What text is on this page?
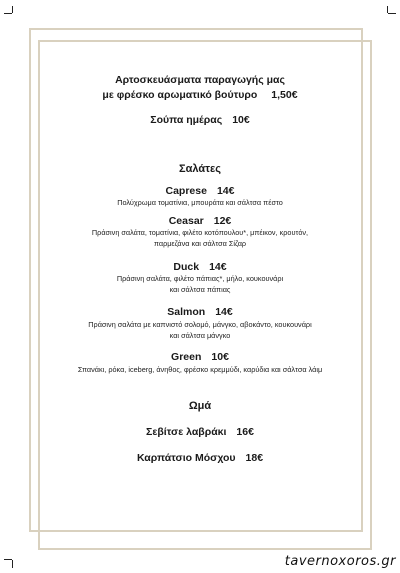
Αρτοσκευάσματα παραγωγής μας
με φρέσκο αρωματικό βούτυρο 1,50€
Σούπα ημέρας 10€
Σαλάτες
Caprese 14€
Πολύχρωμα τοματίνια, μπουράτα και σάλτσα πέστο
Ceasar 12€
Πράσινη σαλάτα, τοματίνια, φιλέτο κοτόπουλου*, μπέικον, κρουτόν,
παρμεζάνα και σάλτσα Σίζαρ
Duck 14€
Πράσινη σαλάτα, φιλέτο πάπιας*, μήλο, κουκουνάρι
και σάλτσα πάπιας
Salmon 14€
Πράσινη σαλάτα με καπνιστό σολομό, μάνγκο, αβοκάντο, κουκουνάρι
και σάλτσα μάνγκο
Green 10€
Σπανάκι, ρόκα, iceberg, άνηθος, φρέσκο κρεμμύδι, καρύδια και σάλτσα λάιμ
Ωμά
Σεβίτσε λαβράκι 16€
Καρπάτσιο Μόσχου 18€
tavernoxoros.gr
